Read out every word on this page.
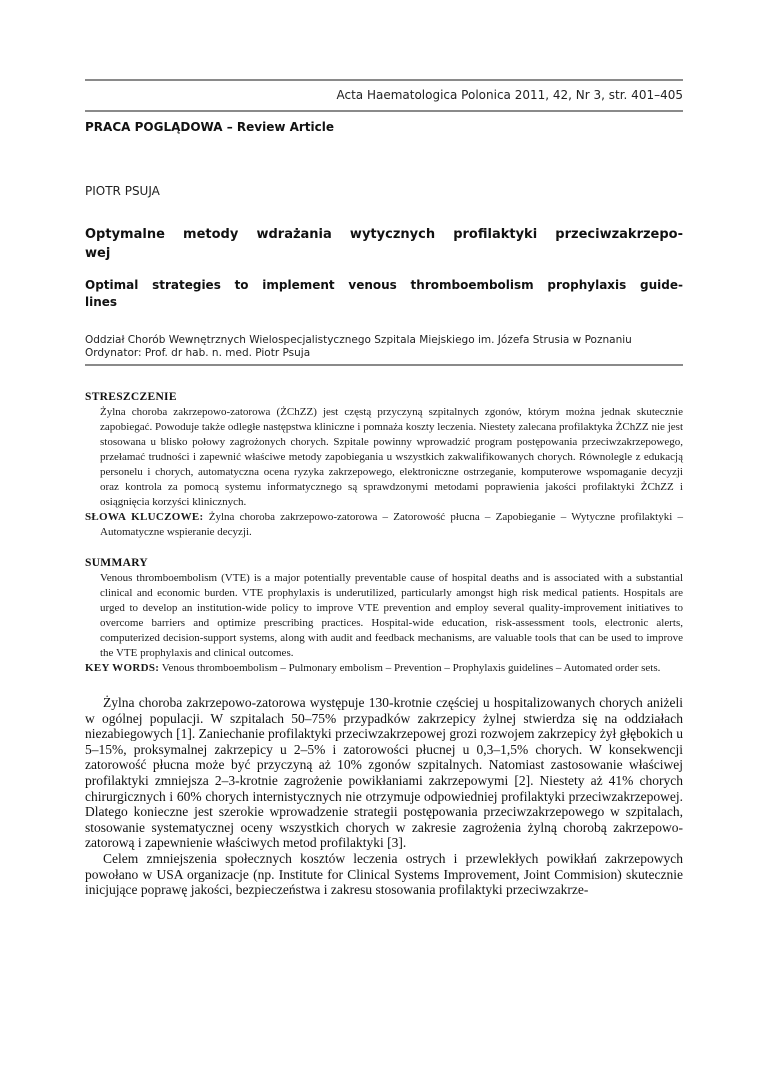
Acta Haematologica Polonica 2011, 42, Nr 3, str. 401–405
PRACA POGLĄDOWA – Review Article
PIOTR PSUJA
Optymalne metody wdrażania wytycznych profilaktyki przeciwzakrzepo-
wej
Optimal strategies to implement venous thromboembolism prophylaxis guide-
lines
Oddział Chorób Wewnętrznych Wielospecjalistycznego Szpitala Miejskiego im. Józefa Strusia w Poznaniu
Ordynator: Prof. dr hab. n. med. Piotr Psuja
STRESZCZENIE

Żylna choroba zakrzepowo-zatorowa (ŻChZZ) jest częstą przyczyną szpitalnych zgonów, którym można jednak skutecznie zapobiegać. Powoduje także odległe następstwa kliniczne i pomnaża koszty leczenia. Niestety zalecana profilaktyka ŻChZZ nie jest stosowana u blisko połowy zagrożonych chorych. Szpitale powinny wprowadzić program postępowania przeciwzakrzepowego, przełamać trudności i zapewnić właściwe metody zapobiegania u wszystkich zakwalifikowanych chorych. Równolegle z edukacją personelu i chorych, automatyczna ocena ryzyka zakrzepowego, elektroniczne ostrzeganie, komputerowe wspomaganie decyzji oraz kontrola za pomocą systemu informatycznego są sprawdzonymi metodami poprawienia jakości profilaktyki ŻChZZ i osiągnięcia korzyści klinicznych.

SŁOWA KLUCZOWE: Żylna choroba zakrzepowo-zatorowa – Zatorowość płucna – Zapobieganie – Wytyczne profilaktyki – Automatyczne wspieranie decyzji.

SUMMARY

Venous thromboembolism (VTE) is a major potentially preventable cause of hospital deaths and is associated with a substantial clinical and economic burden. VTE prophylaxis is underutilized, particularly amongst high risk medical patients. Hospitals are urged to develop an institution-wide policy to improve VTE prevention and employ several quality-improvement initiatives to overcome barriers and optimize prescribing practices. Hospital-wide education, risk-assessment tools, electronic alerts, computerized decision-support systems, along with audit and feedback mechanisms, are valuable tools that can be used to improve the VTE prophylaxis and clinical outcomes.

KEY WORDS: Venous thromboembolism – Pulmonary embolism – Prevention – Prophylaxis guidelines – Automated order sets.

Żylna choroba zakrzepowo-zatorowa występuje 130-krotnie częściej u hospitalizowanych chorych aniżeli w ogólnej populacji. W szpitalach 50–75% przypadków zakrzepicy żylnej stwierdza się na oddziałach niezabiegowych [1]. Zaniechanie profilaktyki przeciwzakrzepowej grozi rozwojem zakrzepicy żył głębokich u 5–15%, proksymalnej zakrzepicy u 2–5% i zatorowości płucnej u 0,3–1,5% chorych. W konsekwencji zatorowość płucna może być przyczyną aż 10% zgonów szpitalnych. Natomiast zastosowanie właściwej profilaktyki zmniejsza 2–3-krotnie zagrożenie powikłaniami zakrzepowymi [2]. Niestety aż 41% chorych chirurgicznych i 60% chorych internistycznych nie otrzymuje odpowiedniej profilaktyki przeciwzakrzepowej. Dlatego konieczne jest szerokie wprowadzenie strategii postępowania przeciwzakrzepowego w szpitalach, stosowanie systematycznej oceny wszystkich chorych w zakresie zagrożenia żylną chorobą zakrzepowo-zatorową i zapewnienie właściwych metod profilaktyki [3].

Celem zmniejszenia społecznych kosztów leczenia ostrych i przewlekłych powikłań zakrzepowych powołano w USA organizacje (np. Institute for Clinical Systems Improvement, Joint Commision) skutecznie inicjujące poprawę jakości, bezpieczeństwa i zakresu stosowania profilaktyki przeciwzakrze-
